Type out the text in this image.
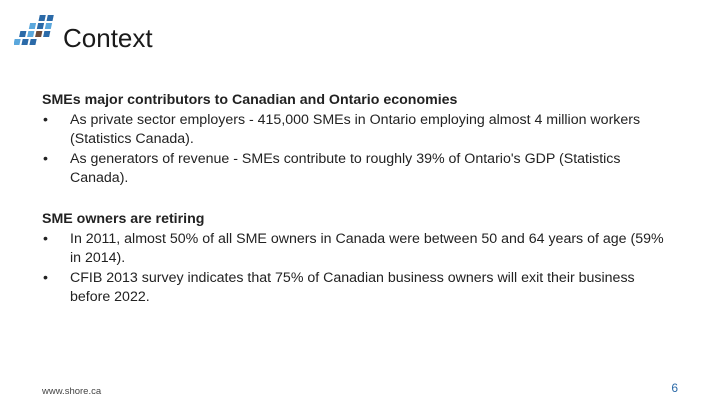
Context

SMEs major contributors to Canadian and Ontario economies

• As private sector employers - 415,000 SMEs in Ontario employing almost 4 million workers (Statistics Canada).
• As generators of revenue - SMEs contribute to roughly 39% of Ontario's GDP (Statistics Canada).

SME owners are retiring

• In 2011, almost 50% of all SME owners in Canada were between 50 and 64 years of age (59% in 2014).
• CFIB 2013 survey indicates that 75% of Canadian business owners will exit their business before 2022.
www.shore.ca	6
